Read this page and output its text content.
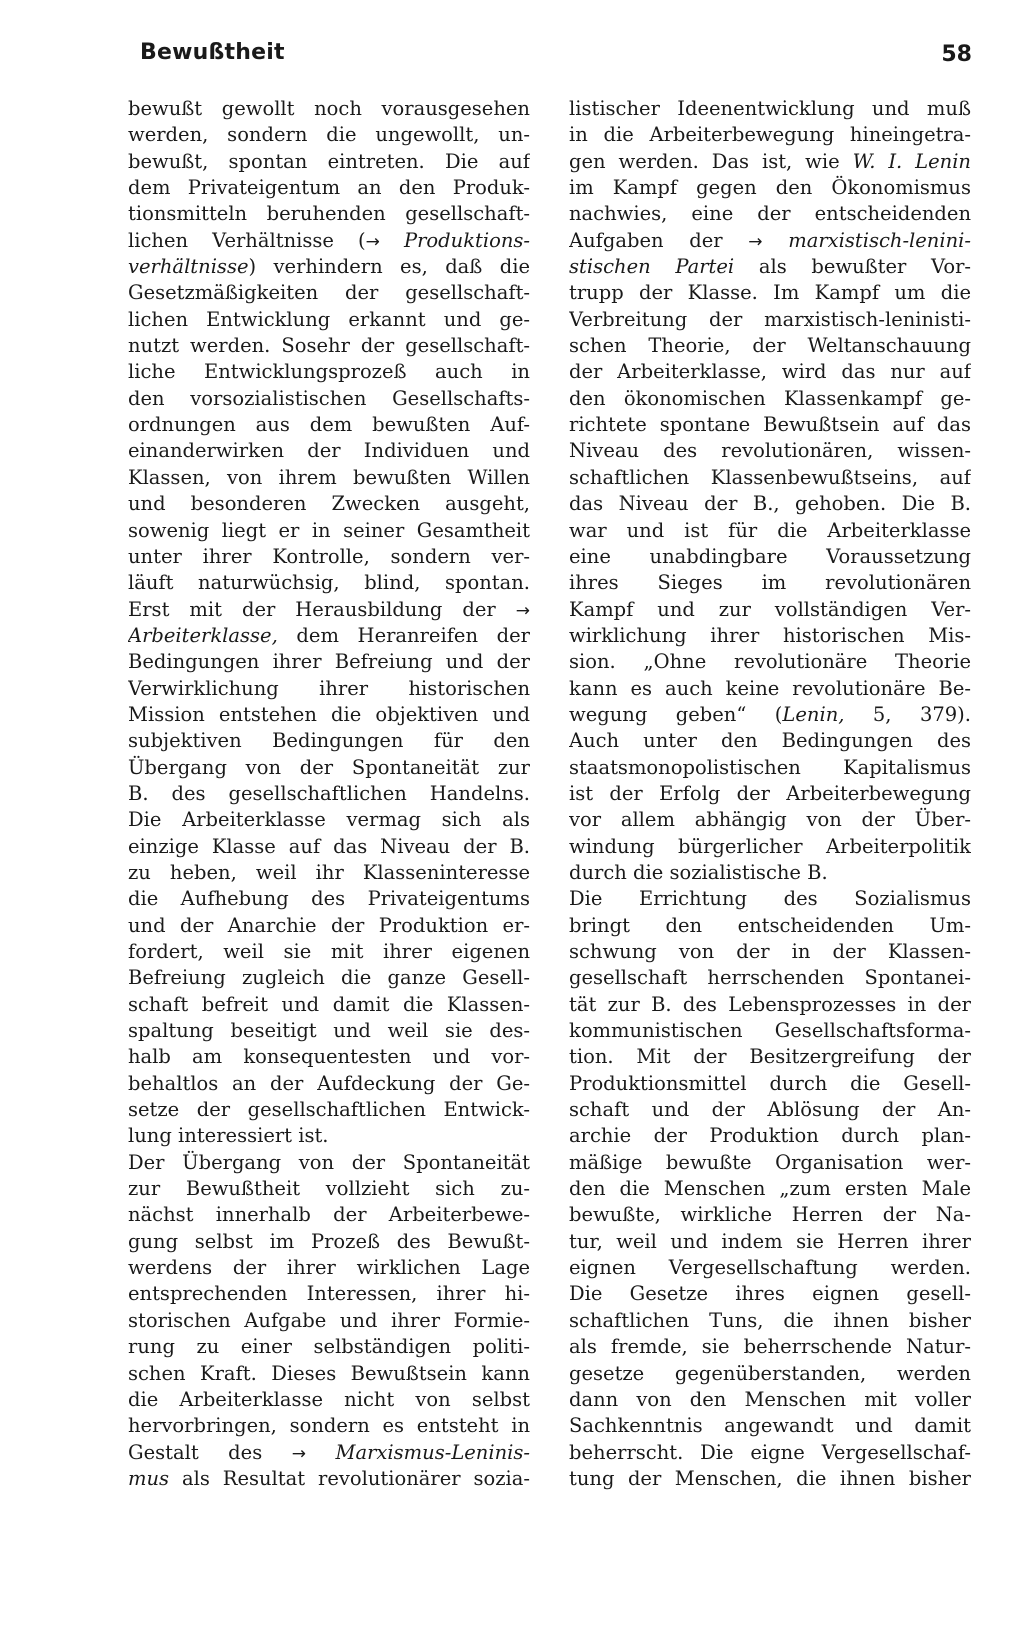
Bewußtheit	58
bewußt gewollt noch vorausgesehen
werden, sondern die ungewollt, un-
bewußt, spontan eintreten. Die auf
dem Privateigentum an den Produk-
tionsmitteln beruhenden gesellschaft-
lichen Verhältnisse (→ Produktions-
verhältnisse) verhindern es, daß die
Gesetzmäßigkeiten der gesellschaft-
lichen Entwicklung erkannt und ge-
nutzt werden. Sosehr der gesellschaft-
liche Entwicklungsprozeß auch in
den vorsozialistischen Gesellschafts-
ordnungen aus dem bewußten Auf-
einanderwirken der Individuen und
Klassen, von ihrem bewußten Willen
und besonderen Zwecken ausgeht,
sowenig liegt er in seiner Gesamtheit
unter ihrer Kontrolle, sondern ver-
läuft naturwüchsig, blind, spontan.
Erst mit der Herausbildung der →
Arbeiterklasse, dem Heranreifen der
Bedingungen ihrer Befreiung und der
Verwirklichung ihrer historischen
Mission entstehen die objektiven und
subjektiven Bedingungen für den
Übergang von der Spontaneität zur
B. des gesellschaftlichen Handelns.
Die Arbeiterklasse vermag sich als
einzige Klasse auf das Niveau der B.
zu heben, weil ihr Klasseninteresse
die Aufhebung des Privateigentums
und der Anarchie der Produktion er-
fordert, weil sie mit ihrer eigenen
Befreiung zugleich die ganze Gesell-
schaft befreit und damit die Klassen-
spaltung beseitigt und weil sie des-
halb am konsequentesten und vor-
behaltlos an der Aufdeckung der Ge-
setze der gesellschaftlichen Entwick-
lung interessiert ist.
Der Übergang von der Spontaneität
zur Bewußtheit vollzieht sich zu-
nächst innerhalb der Arbeiterbewe-
gung selbst im Prozeß des Bewußt-
werdens der ihrer wirklichen Lage
entsprechenden Interessen, ihrer hi-
storischen Aufgabe und ihrer Formie-
rung zu einer selbständigen politi-
schen Kraft. Dieses Bewußtsein kann
die Arbeiterklasse nicht von selbst
hervorbringen, sondern es entsteht in
Gestalt des → Marxismus-Leninis-
mus als Resultat revolutionärer sozia-
listischer Ideenentwicklung und muß
in die Arbeiterbewegung hineingetra-
gen werden. Das ist, wie W. I. Lenin
im Kampf gegen den Ökonomismus
nachwies, eine der entscheidenden
Aufgaben der → marxistisch-lenini-
stischen Partei als bewußter Vor-
trupp der Klasse. Im Kampf um die
Verbreitung der marxistisch-leninisti-
schen Theorie, der Weltanschauung
der Arbeiterklasse, wird das nur auf
den ökonomischen Klassenkampf ge-
richtete spontane Bewußtsein auf das
Niveau des revolutionären, wissen-
schaftlichen Klassenbewußtseins, auf
das Niveau der B., gehoben. Die B.
war und ist für die Arbeiterklasse
eine unabdingbare Voraussetzung
ihres Sieges im revolutionären
Kampf und zur vollständigen Ver-
wirklichung ihrer historischen Mis-
sion. „Ohne revolutionäre Theorie
kann es auch keine revolutionäre Be-
wegung geben“ (Lenin, 5, 379).
Auch unter den Bedingungen des
staatsmonopolistischen Kapitalismus
ist der Erfolg der Arbeiterbewegung
vor allem abhängig von der Über-
windung bürgerlicher Arbeiterpolitik
durch die sozialistische B.
Die Errichtung des Sozialismus
bringt den entscheidenden Um-
schwung von der in der Klassen-
gesellschaft herrschenden Spontanei-
tät zur B. des Lebensprozesses in der
kommunistischen Gesellschaftsforma-
tion. Mit der Besitzergreifung der
Produktionsmittel durch die Gesell-
schaft und der Ablösung der An-
archie der Produktion durch plan-
mäßige bewußte Organisation wer-
den die Menschen „zum ersten Male
bewußte, wirkliche Herren der Na-
tur, weil und indem sie Herren ihrer
eignen Vergesellschaftung werden.
Die Gesetze ihres eignen gesell-
schaftlichen Tuns, die ihnen bisher
als fremde, sie beherrschende Natur-
gesetze gegenüberstanden, werden
dann von den Menschen mit voller
Sachkenntnis angewandt und damit
beherrscht. Die eigne Vergesellschaf-
tung der Menschen, die ihnen bisher
